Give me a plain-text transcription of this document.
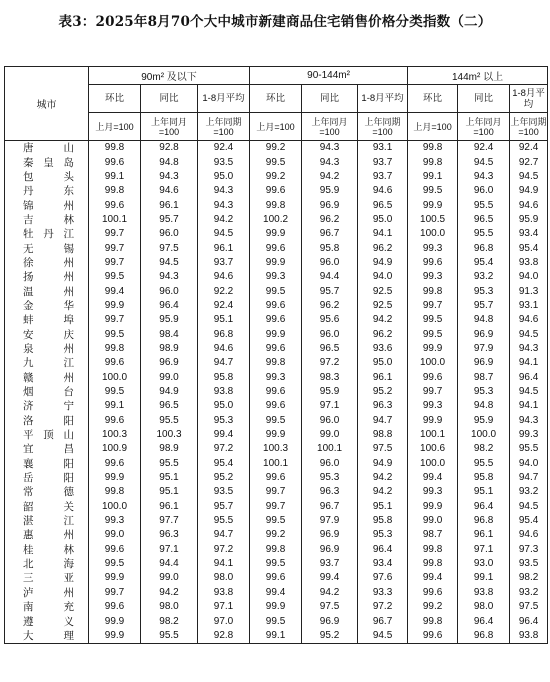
表3：2025年8月70个大中城市新建商品住宅销售价格分类指数（二）
城市	90m² 及以下			90-144m²			144m² 以上		
	环比	同比	1-8月平均	环比	同比	1-8月平均	环比	同比	1-8月平均
	上月=100	上年同月=100	上年同期=100	上月=100	上年同月=100	上年同期=100	上月=100	上年同月=100	上年同期=100
唐山	99.8	92.8	92.4	99.2	94.3	93.1	99.8	92.4	92.4
秦皇岛	99.6	94.8	93.5	99.5	94.3	93.7	99.8	94.5	92.7
包头	99.1	94.3	95.0	99.2	94.2	93.7	99.1	94.3	94.5
丹东	99.8	94.6	94.3	99.6	95.9	94.6	99.5	96.0	94.9
锦州	99.6	96.1	94.3	99.8	96.9	96.5	99.9	95.5	94.6
吉林	100.1	95.7	94.2	100.2	96.2	95.0	100.5	96.5	95.9
牡丹江	99.7	96.0	94.5	99.9	96.7	94.1	100.0	95.5	93.4
无锡	99.7	97.5	96.1	99.6	95.8	96.2	99.3	96.8	95.4
徐州	99.7	94.5	93.7	99.9	96.0	94.9	99.6	95.4	93.8
扬州	99.5	94.3	94.6	99.3	94.4	94.0	99.3	93.2	94.0
温州	99.4	96.0	92.2	99.5	95.7	92.5	99.8	95.3	91.3
金华	99.9	96.4	92.4	99.6	96.2	92.5	99.7	95.7	93.1
蚌埠	99.7	95.9	95.1	99.6	95.6	94.2	99.5	94.8	94.6
安庆	99.5	98.4	96.8	99.9	96.0	96.2	99.5	96.9	94.5
泉州	99.8	98.9	94.6	99.6	96.5	93.6	99.9	97.9	94.3
九江	99.6	96.9	94.7	99.8	97.2	95.0	100.0	96.9	94.1
赣州	100.0	99.0	95.8	99.3	98.3	96.1	99.6	98.7	96.4
烟台	99.5	94.9	93.8	99.6	95.9	95.2	99.7	95.3	94.5
济宁	99.1	96.5	95.0	99.6	97.1	96.3	99.3	94.8	94.1
洛阳	99.6	95.5	95.3	99.5	96.0	94.7	99.9	95.9	94.3
平顶山	100.3	100.3	99.4	99.9	99.0	98.8	100.1	100.0	99.3
宜昌	100.9	98.9	97.2	100.3	100.1	97.5	100.6	98.2	95.5
襄阳	99.6	95.5	95.4	100.1	96.0	94.9	100.0	95.5	94.0
岳阳	99.9	95.1	95.2	99.6	95.3	94.2	99.4	95.8	94.7
常德	99.8	95.1	93.5	99.7	96.3	94.2	99.3	95.1	93.2
韶关	100.0	96.1	95.7	99.7	96.7	95.1	99.9	96.4	94.5
湛江	99.3	97.7	95.5	99.5	97.9	95.8	99.0	96.8	95.4
惠州	99.0	96.3	94.7	99.2	96.9	95.3	98.7	96.1	94.6
桂林	99.6	97.1	97.2	99.8	96.9	96.4	99.8	97.1	97.3
北海	99.5	94.4	94.1	99.5	93.7	93.4	99.8	93.0	93.5
三亚	99.9	99.0	98.0	99.6	99.4	97.6	99.4	99.1	98.2
泸州	99.7	94.2	93.8	99.4	94.2	93.3	99.6	93.8	93.2
南充	99.6	98.0	97.1	99.9	97.5	97.2	99.2	98.0	97.5
遵义	99.9	98.2	97.0	99.5	96.9	96.7	99.8	96.4	96.4
大理	99.9	95.5	92.8	99.1	95.2	94.5	99.6	96.8	93.8
